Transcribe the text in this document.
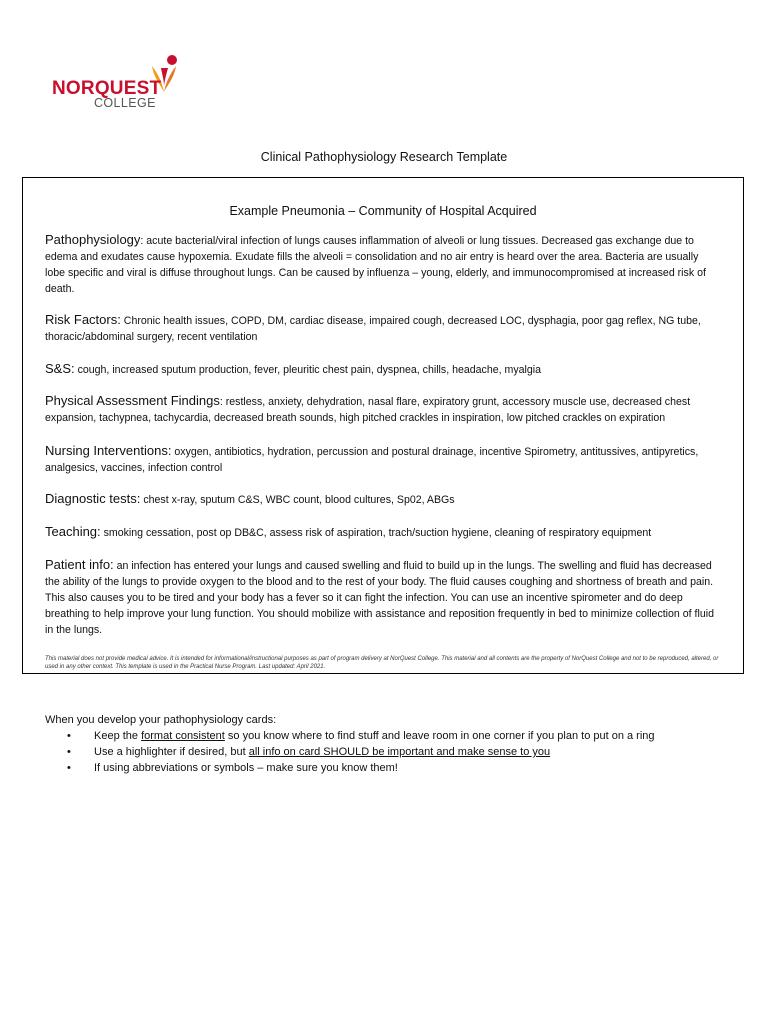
NORQUEST
COLLEGE
Clinical Pathophysiology Research Template
Example Pneumonia – Community of Hospital Acquired
Pathophysiology: acute bacterial/viral infection of lungs causes inflammation of alveoli or lung tissues. Decreased gas exchange due to edema and exudates cause hypoxemia. Exudate fills the alveoli = consolidation and no air entry is heard over the area. Bacteria are usually lobe specific and viral is diffuse throughout lungs. Can be caused by influenza – young, elderly, and immunocompromised at increased risk of death.
Risk Factors: Chronic health issues, COPD, DM, cardiac disease, impaired cough, decreased LOC, dysphagia, poor gag reflex, NG tube, thoracic/abdominal surgery, recent ventilation
S&S: cough, increased sputum production, fever, pleuritic chest pain, dyspnea, chills, headache, myalgia
Physical Assessment Findings: restless, anxiety, dehydration, nasal flare, expiratory grunt, accessory muscle use, decreased chest expansion, tachypnea, tachycardia, decreased breath sounds, high pitched crackles in inspiration, low pitched crackles on expiration
Nursing Interventions: oxygen, antibiotics, hydration, percussion and postural drainage, incentive Spirometry, antitussives, antipyretics, analgesics, vaccines, infection control
Diagnostic tests: chest x-ray, sputum C&S, WBC count, blood cultures, Sp02, ABGs
Teaching: smoking cessation, post op DB&C, assess risk of aspiration, trach/suction hygiene, cleaning of respiratory equipment
Patient info: an infection has entered your lungs and caused swelling and fluid to build up in the lungs. The swelling and fluid has decreased the ability of the lungs to provide oxygen to the blood and to the rest of your body. The fluid causes coughing and shortness of breath and pain. This also causes you to be tired and your body has a fever so it can fight the infection. You can use an incentive spirometer and do deep breathing to help improve your lung function. You should mobilize with assistance and reposition frequently in bed to minimize collection of fluid in the lungs.
This material does not provide medical advice. It is intended for informational/instructional purposes as part of program delivery at NorQuest College. This material and all contents are the property of NorQuest College and not to be reproduced, altered, or used in any other context. This template is used in the Practical Nurse Program. Last updated: April 2021.
When you develop your pathophysiology cards:
• Keep the format consistent so you know where to find stuff and leave room in one corner if you plan to put on a ring
• Use a highlighter if desired, but all info on card SHOULD be important and make sense to you
• If using abbreviations or symbols – make sure you know them!
